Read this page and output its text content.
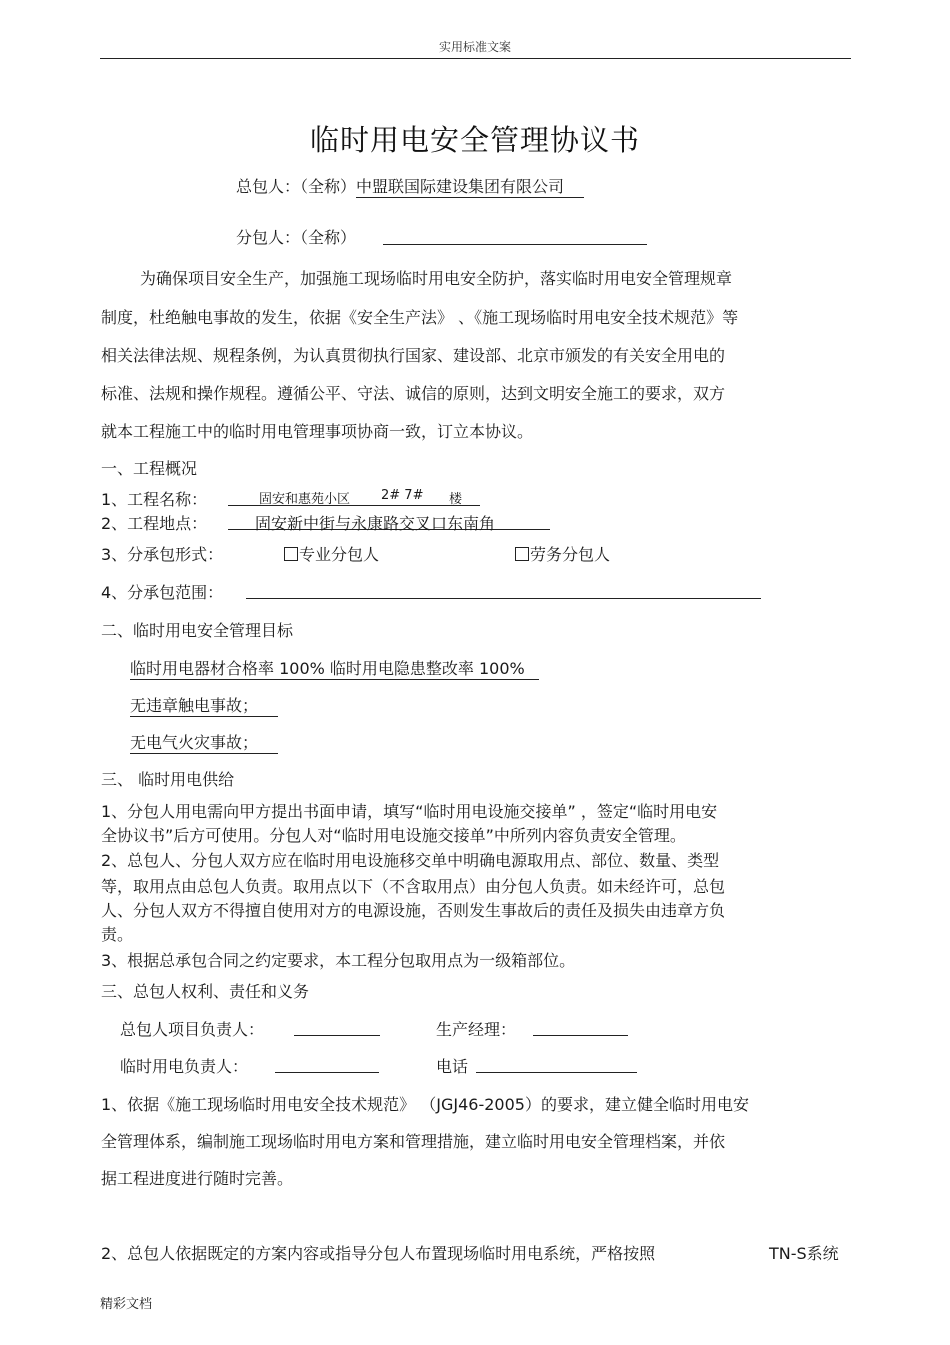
实用标准文案
临时用电安全管理协议书
总包人：（全称）中盟联国际建设集团有限公司
分包人：（全称）
为确保项目安全生产，加强施工现场临时用电安全防护，落实临时用电安全管理规章
制度，杜绝触电事故的发生，依据《安全生产法》 、《施工现场临时用电安全技术规范》等
相关法律法规、规程条例，为认真贯彻执行国家、建设部、北京市颁发的有关安全用电的
标准、法规和操作规程。遵循公平、守法、诚信的原则，达到文明安全施工的要求，双方
就本工程施工中的临时用电管理事项协商一致，订立本协议。
一、工程概况
1、工程名称：	固安和惠苑小区 2# 7# 楼
2、工程地点：	固安新中街与永康路交叉口东南角
3、分承包形式：	专业分包人	劳务分包人
4、分承包范围：
二、临时用电安全管理目标
临时用电器材合格率 100% 临时用电隐患整改率 100%
无违章触电事故；
无电气火灾事故；
三、 临时用电供给
1、分包人用电需向甲方提出书面申请，填写“临时用电设施交接单” ，签定“临时用电安
全协议书”后方可使用。分包人对“临时用电设施交接单”中所列内容负责安全管理。
2、总包人、分包人双方应在临时用电设施移交单中明确电源取用点、部位、数量、类型
等，取用点由总包人负责。取用点以下（不含取用点）由分包人负责。如未经许可，总包
人、分包人双方不得擅自使用对方的电源设施，否则发生事故后的责任及损失由违章方负
责。
3、根据总承包合同之约定要求，本工程分包取用点为一级箱部位。
三、总包人权利、责任和义务
总包人项目负责人：	生产经理：
临时用电负责人：	电话
1、依据《施工现场临时用电安全技术规范》 （JGJ46-2005）的要求，建立健全临时用电安
全管理体系，编制施工现场临时用电方案和管理措施，建立临时用电安全管理档案，并依
据工程进度进行随时完善。
2、总包人依据既定的方案内容或指导分包人布置现场临时用电系统，严格按照	TN-S系统
精彩文档
